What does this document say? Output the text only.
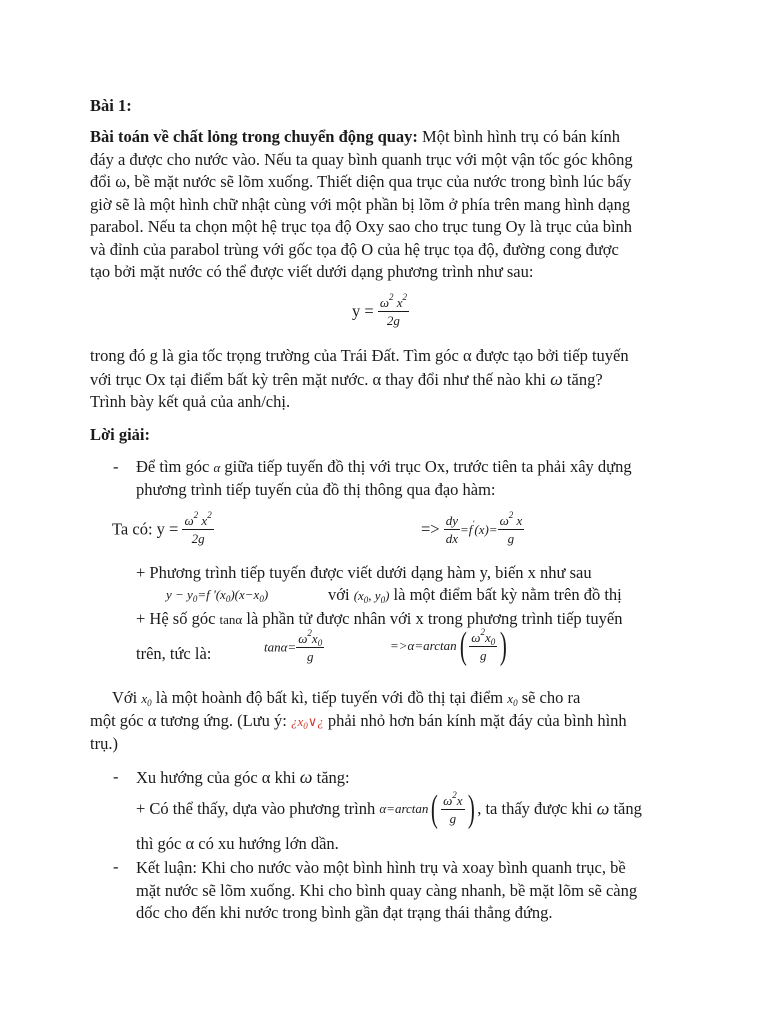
Bài 1:
Bài toán về chất lỏng trong chuyển động quay: Một bình hình trụ có bán kính
đáy a được cho nước vào. Nếu ta quay bình quanh trục với một vận tốc góc không
đổi ω, bề mặt nước sẽ lõm xuống. Thiết diện qua trục của nước trong bình lúc bấy
giờ sẽ là một hình chữ nhật cùng với một phần bị lõm ở phía trên mang hình dạng
parabol. Nếu ta chọn một hệ trục tọa độ Oxy sao cho trục tung Oy là trục của bình
và đỉnh của parabol trùng với gốc tọa độ O của hệ trục tọa độ, đường cong được
tạo bởi mặt nước có thể được viết dưới dạng phương trình như sau:
$y = \frac{\omega^2 x^2}{2g}$
trong đó g là gia tốc trọng trường của Trái Đất. Tìm góc α được tạo bởi tiếp tuyến
với trục Ox tại điểm bất kỳ trên mặt nước. α thay đổi như thế nào khi ω tăng?
Trình bày kết quả của anh/chị.
Lời giải:
- Để tìm góc α giữa tiếp tuyến đồ thị với trục Ox, trước tiên ta phải xây dựng
phương trình tiếp tuyến của đồ thị thông qua đạo hàm:
Ta có: $y = \frac{\omega^2 x^2}{2g}$	=> $\frac{dy}{dx} =f'(x)= \frac{\omega^2 x}{g}$
+ Phương trình tiếp tuyến được viết dưới dạng hàm y, biến x như sau
$y - y_0=f$ '$(x_0)(x-x_0)$	với ($x_0$, $y_0$) là một điểm bất kỳ nằm trên đồ thị
+ Hệ số góc tanα là phần tử được nhân với x trong phương trình tiếp tuyến
trên, tức là:	$\tan\alpha= \frac{\omega^2x_0}{g}$	$=>\alpha=\arctan( \frac{\omega^2x_0}{g}$ )
Với $x_0$ là một hoành độ bất kì, tiếp tuyến với đồ thị tại điểm $x_0$ sẽ cho ra
một góc α tương ứng. (Lưu ý: ¿$x_0\vee¿$ phải nhỏ hơn bán kính mặt đáy của bình hình
trụ.)
- Xu hướng của góc α khi ω tăng:
+ Có thể thấy, dựa vào phương trình $\alpha=\arctan( \frac{\omega^2x}{g}$ ) , ta thấy được khi ω tăng
thì góc α có xu hướng lớn dần.
- Kết luận: Khi cho nước vào một bình hình trụ và xoay bình quanh trục, bề
mặt nước sẽ lõm xuống. Khi cho bình quay càng nhanh, bề mặt lõm sẽ càng
dốc cho đến khi nước trong bình gần đạt trạng thái thẳng đứng.
